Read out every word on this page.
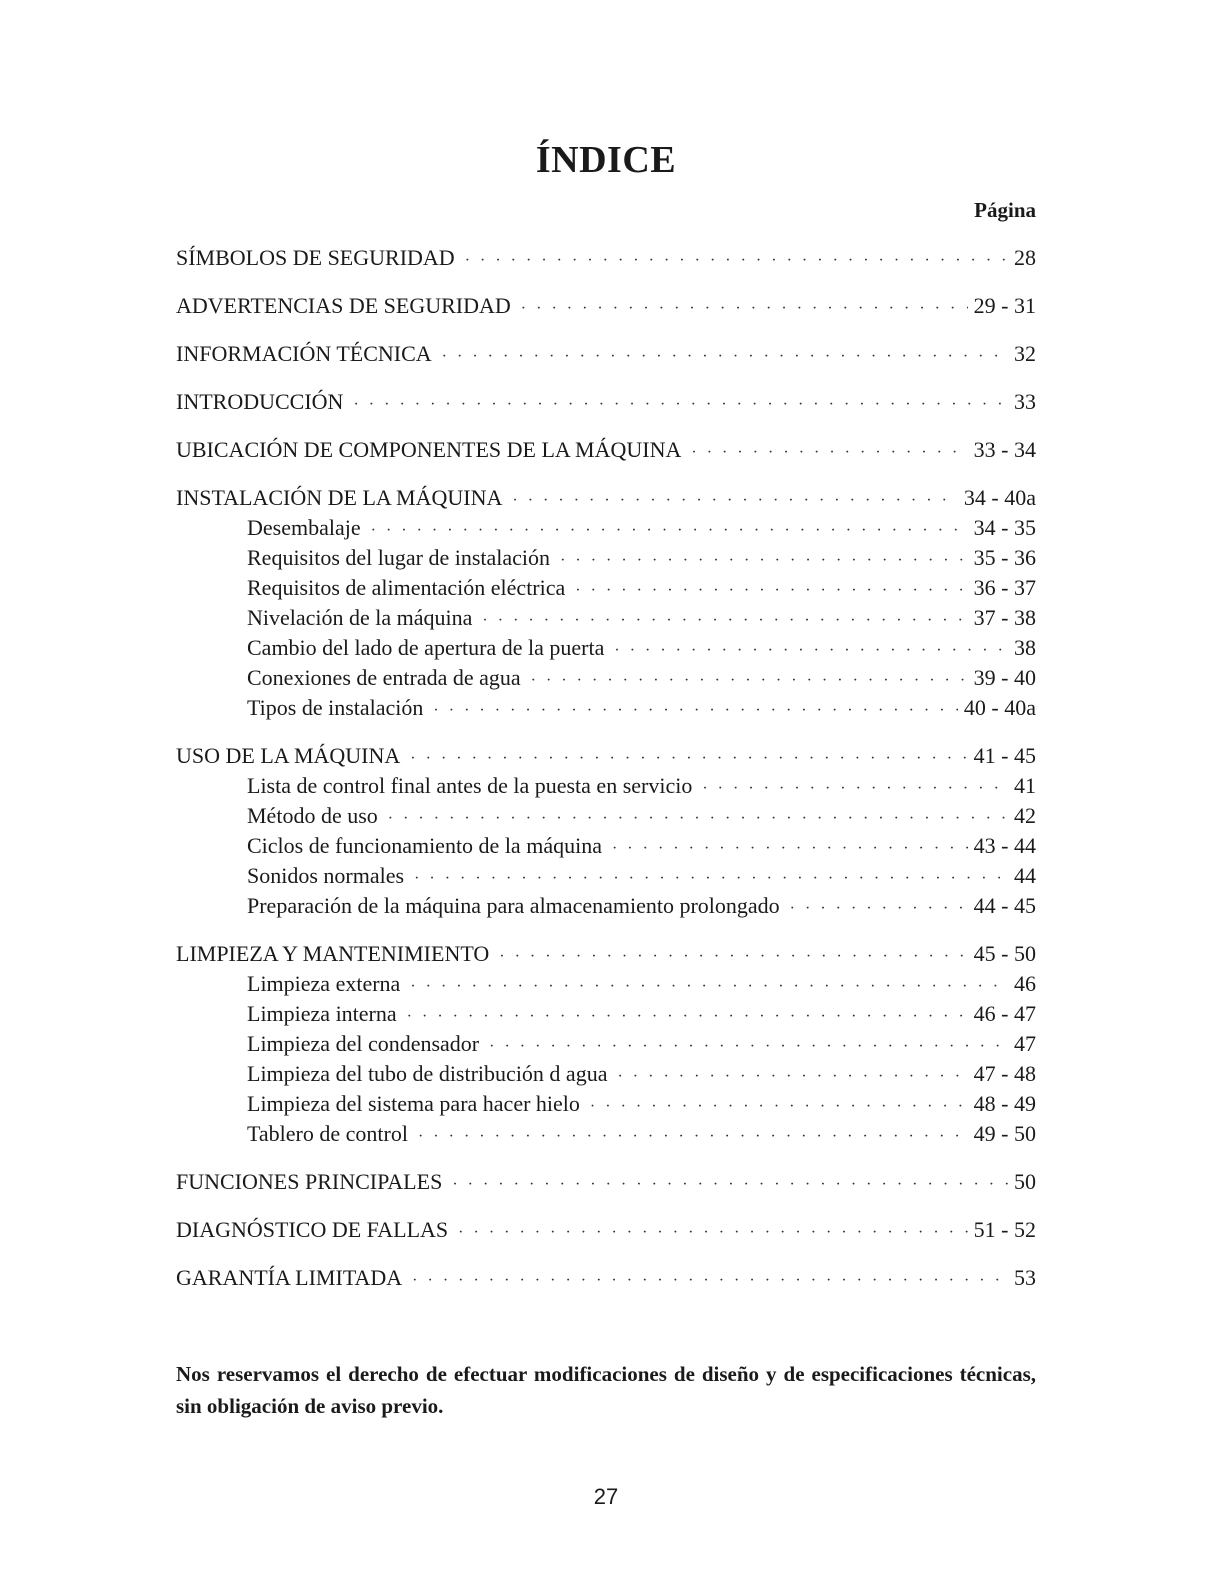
ÍNDICE
Página
SÍMBOLOS DE SEGURIDAD · · ·	28
ADVERTENCIAS DE SEGURIDAD · · ·	29 - 31
INFORMACIÓN TÉCNICA · · ·	32
INTRODUCCIÓN · · ·	33
UBICACIÓN DE COMPONENTES DE LA MÁQUINA · · ·	33 - 34
INSTALACIÓN DE LA MÁQUINA · · ·	34 - 40a
Desembalaje · · ·	34 - 35
Requisitos del lugar de instalación · · ·	35 - 36
Requisitos de alimentación eléctrica · · ·	36 - 37
Nivelación de la máquina · · ·	37 - 38
Cambio del lado de apertura de la puerta · · ·	38
Conexiones de entrada de agua · · ·	39 - 40
Tipos de instalación · · ·	40 - 40a
USO DE LA MÁQUINA · · ·	41 - 45
Lista de control final antes de la puesta en servicio · · ·	41
Método de uso · · ·	42
Ciclos de funcionamiento de la máquina · · ·	43 - 44
Sonidos normales · · ·	44
Preparación de la máquina para almacenamiento prolongado · · ·	44 - 45
LIMPIEZA Y MANTENIMIENTO · · ·	45 - 50
Limpieza externa · · ·	46
Limpieza interna · · ·	46 - 47
Limpieza del condensador · · ·	47
Limpieza del tubo de distribución d agua · · ·	47 - 48
Limpieza del sistema para hacer hielo · · ·	48 - 49
Tablero de control · · ·	49 - 50
FUNCIONES PRINCIPALES · · ·	50
DIAGNÓSTICO DE FALLAS · · ·	51 - 52
GARANTÍA LIMITADA · · ·	53
Nos reservamos el derecho de efectuar modificaciones de diseño y de especificaciones técnicas, sin obligación de aviso previo.
27
